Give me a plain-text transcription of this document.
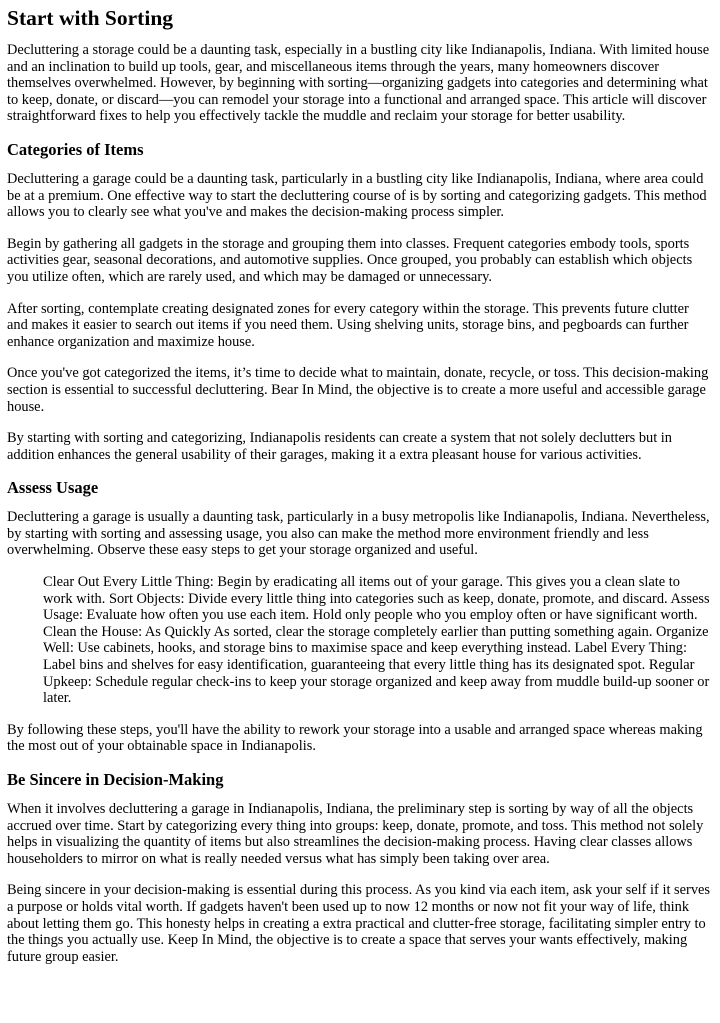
Start with Sorting

Decluttering a storage could be a daunting task, especially in a bustling city like Indianapolis, Indiana. With limited house and an inclination to build up tools, gear, and miscellaneous items through the years, many homeowners discover themselves overwhelmed. However, by beginning with sorting—organizing gadgets into categories and determining what to keep, donate, or discard—you can remodel your storage into a functional and arranged space. This article will discover straightforward fixes to help you effectively tackle the muddle and reclaim your storage for better usability.

Categories of Items

Decluttering a garage could be a daunting task, particularly in a bustling city like Indianapolis, Indiana, where area could be at a premium. One effective way to start the decluttering course of is by sorting and categorizing gadgets. This method allows you to clearly see what you've and makes the decision-making process simpler.

Begin by gathering all gadgets in the storage and grouping them into classes. Frequent categories embody tools, sports activities gear, seasonal decorations, and automotive supplies. Once grouped, you probably can establish which objects you utilize often, which are rarely used, and which may be damaged or unnecessary.

After sorting, contemplate creating designated zones for every category within the storage. This prevents future clutter and makes it easier to search out items if you need them. Using shelving units, storage bins, and pegboards can further enhance organization and maximize house.

Once you've got categorized the items, it’s time to decide what to maintain, donate, recycle, or toss. This decision-making section is essential to successful decluttering. Bear In Mind, the objective is to create a more useful and accessible garage house.

By starting with sorting and categorizing, Indianapolis residents can create a system that not solely declutters but in addition enhances the general usability of their garages, making it a extra pleasant house for various activities.

Assess Usage

Decluttering a garage is usually a daunting task, particularly in a busy metropolis like Indianapolis, Indiana. Nevertheless, by starting with sorting and assessing usage, you also can make the method more environment friendly and less overwhelming. Observe these easy steps to get your storage organized and useful.

Clear Out Every Little Thing: Begin by eradicating all items out of your garage. This gives you a clean slate to work with. Sort Objects: Divide every little thing into categories such as keep, donate, promote, and discard. Assess Usage: Evaluate how often you use each item. Hold only people who you employ often or have significant worth. Clean the House: As Quickly As sorted, clear the storage completely earlier than putting something again. Organize Well: Use cabinets, hooks, and storage bins to maximise space and keep everything instead. Label Every Thing: Label bins and shelves for easy identification, guaranteeing that every little thing has its designated spot. Regular Upkeep: Schedule regular check-ins to keep your storage organized and keep away from muddle build-up sooner or later.

By following these steps, you'll have the ability to rework your storage into a usable and arranged space whereas making the most out of your obtainable space in Indianapolis.

Be Sincere in Decision-Making

When it involves decluttering a garage in Indianapolis, Indiana, the preliminary step is sorting by way of all the objects accrued over time. Start by categorizing every thing into groups: keep, donate, promote, and toss. This method not solely helps in visualizing the quantity of items but also streamlines the decision-making process. Having clear classes allows householders to mirror on what is really needed versus what has simply been taking over area.

Being sincere in your decision-making is essential during this process. As you kind via each item, ask your self if it serves a purpose or holds vital worth. If gadgets haven't been used up to now 12 months or now not fit your way of life, think about letting them go. This honesty helps in creating a extra practical and clutter-free storage, facilitating simpler entry to the things you actually use. Keep In Mind, the objective is to create a space that serves your wants effectively, making future group easier.
